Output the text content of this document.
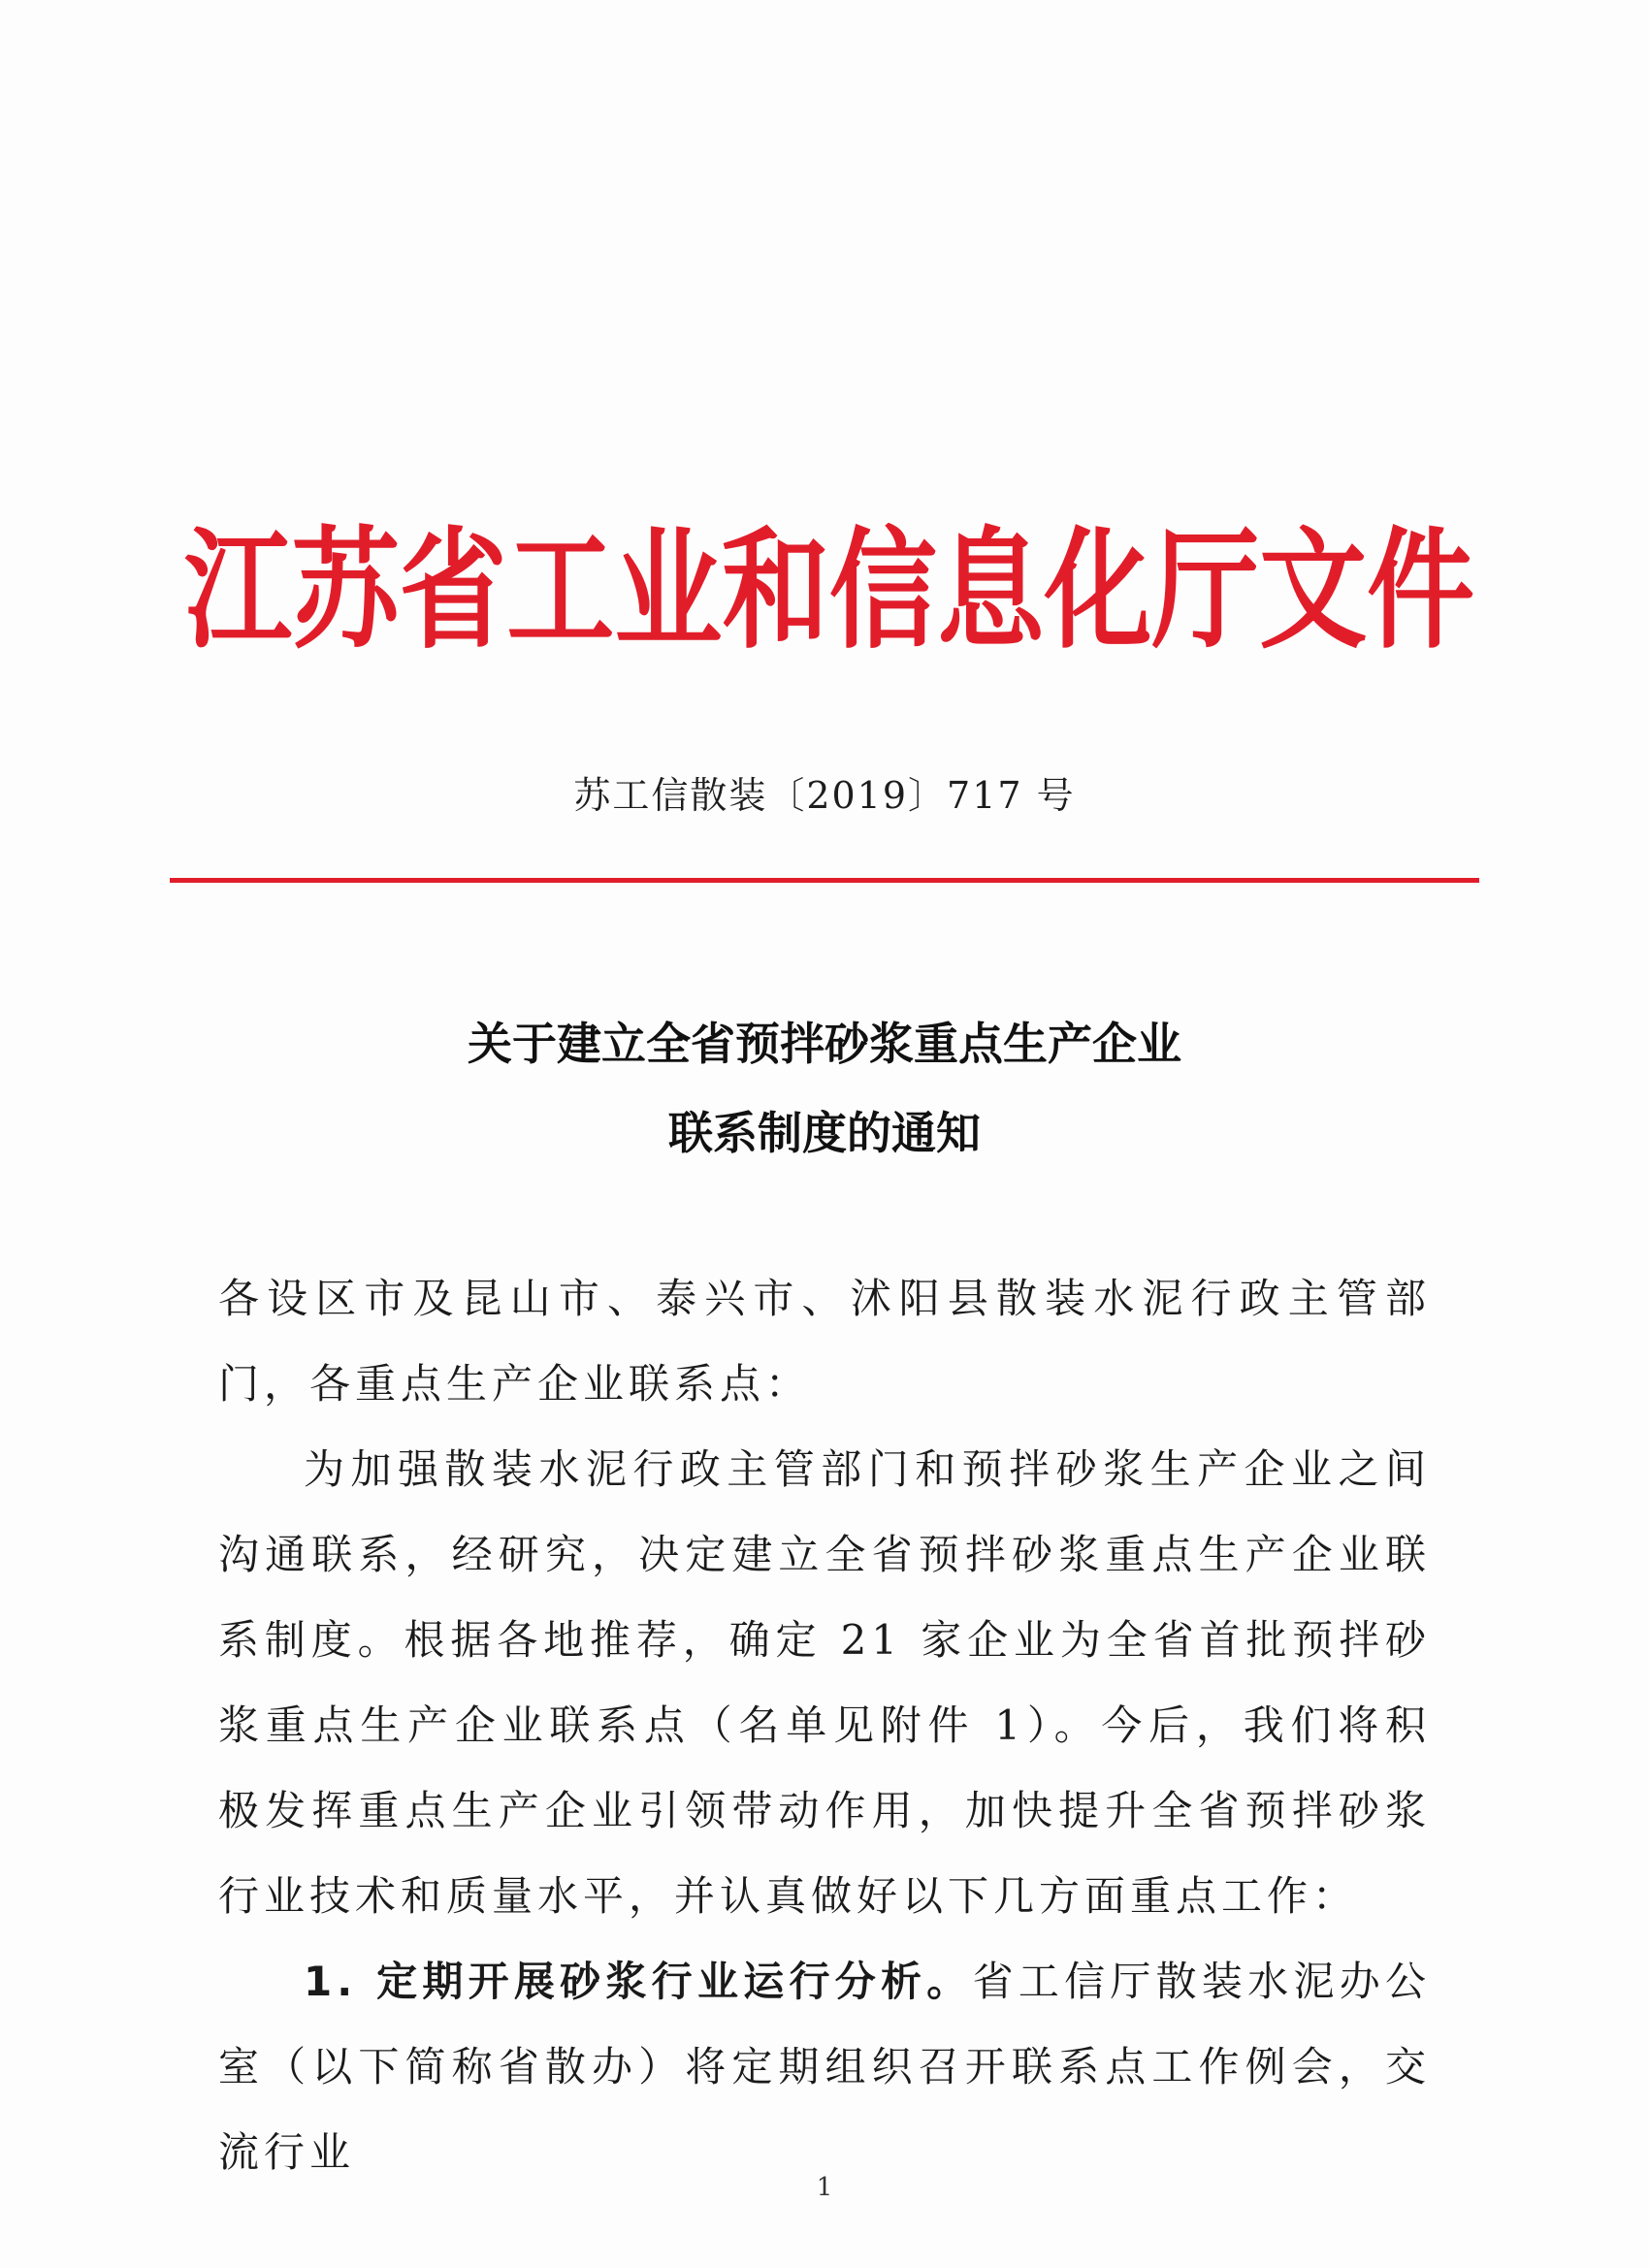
江苏省工业和信息化厅文件
苏工信散装〔2019〕717 号
关于建立全省预拌砂浆重点生产企业
联系制度的通知

各设区市及昆山市、泰兴市、沭阳县散装水泥行政主管部门，各重点生产企业联系点：

为加强散装水泥行政主管部门和预拌砂浆生产企业之间沟通联系，经研究，决定建立全省预拌砂浆重点生产企业联系制度。根据各地推荐，确定 21 家企业为全省首批预拌砂浆重点生产企业联系点（名单见附件 1）。今后，我们将积极发挥重点生产企业引领带动作用，加快提升全省预拌砂浆行业技术和质量水平，并认真做好以下几方面重点工作：

1. 定期开展砂浆行业运行分析。省工信厅散装水泥办公室（以下简称省散办）将定期组织召开联系点工作例会，交流行业

1
